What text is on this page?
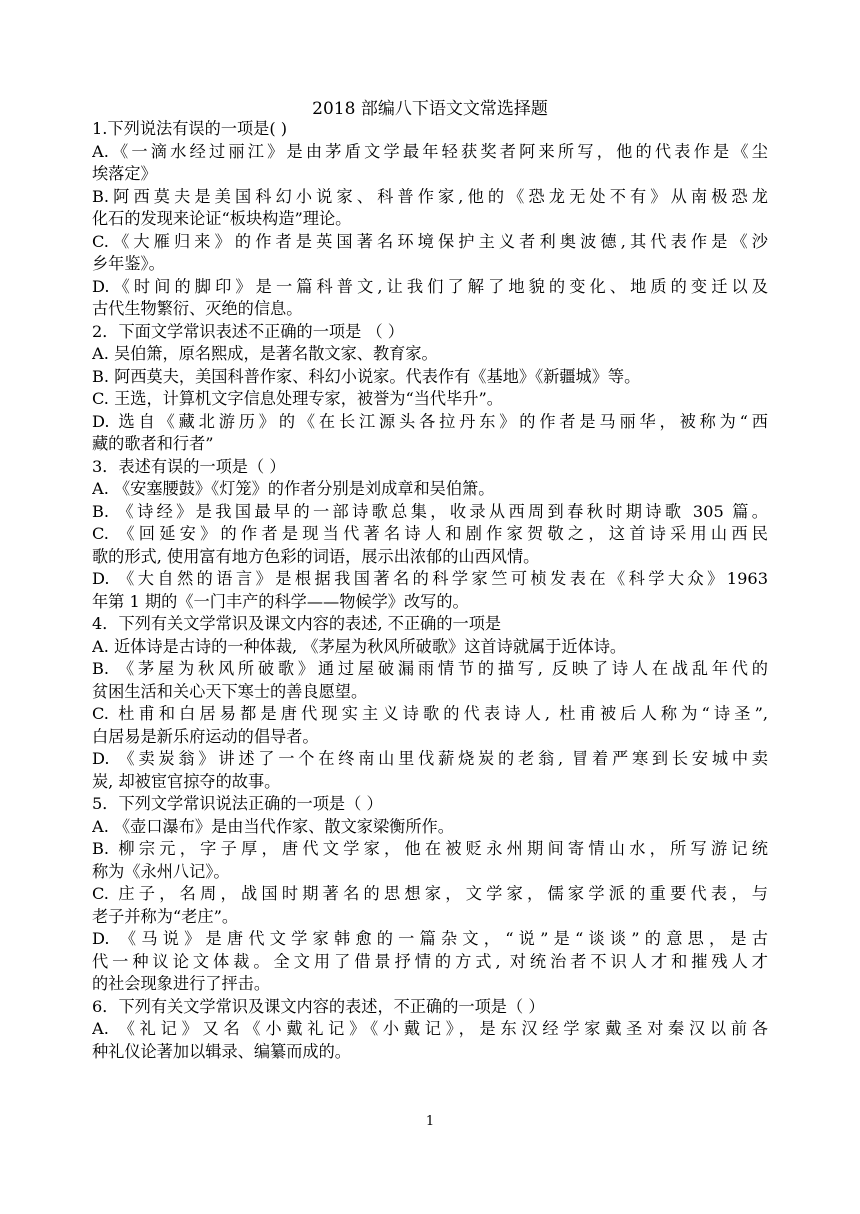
2018 部编八下语文文常选择题
1.下列说法有误的一项是( )
A.《一滴水经过丽江》是由茅盾文学最年轻获奖者阿来所写，他的代表作是《尘
埃落定》
B.阿西莫夫是美国科幻小说家、科普作家,他的《恐龙无处不有》从南极恐龙
化石的发现来论证“板块构造”理论。
C.《大雁归来》的作者是英国著名环境保护主义者利奥波德,其代表作是《沙
乡年鉴》。
D.《时间的脚印》是一篇科普文,让我们了解了地貌的变化、地质的变迁以及
古代生物繁衍、灭绝的信息。
2．下面文学常识表述不正确的一项是 （ ）
A. 吴伯箫，原名熙成，是著名散文家、教育家。
B. 阿西莫夫，美国科普作家、科幻小说家。代表作有《基地》《新疆城》等。
C. 王选，计算机文字信息处理专家，被誉为“当代毕升”。
D. 选自《藏北游历》的《在长江源头各拉丹东》的作者是马丽华，被称为“西
藏的歌者和行者”
3．表述有误的一项是（ ）
A. 《安塞腰鼓》《灯笼》的作者分别是刘成章和吴伯箫。
B. 《诗经》是我国最早的一部诗歌总集，收录从西周到春秋时期诗歌 305 篇。
C. 《回延安》的作者是现当代著名诗人和剧作家贺敬之，这首诗采用山西民
歌的形式, 使用富有地方色彩的词语，展示出浓郁的山西风情。
D. 《大自然的语言》是根据我国著名的科学家竺可桢发表在《科学大众》1963
年第 1 期的《一门丰产的科学——物候学》改写的。
4．下列有关文学常识及课文内容的表述, 不正确的一项是
A. 近体诗是古诗的一种体裁, 《茅屋为秋风所破歌》这首诗就属于近体诗。
B. 《茅屋为秋风所破歌》通过屋破漏雨情节的描写, 反映了诗人在战乱年代的
贫困生活和关心天下寒士的善良愿望。
C. 杜甫和白居易都是唐代现实主义诗歌的代表诗人, 杜甫被后人称为“诗圣”,
白居易是新乐府运动的倡导者。
D. 《卖炭翁》讲述了一个在终南山里伐薪烧炭的老翁, 冒着严寒到长安城中卖
炭, 却被宦官掠夺的故事。
5．下列文学常识说法正确的一项是（ ）
A. 《壶口瀑布》是由当代作家、散文家梁衡所作。
B. 柳宗元，字子厚，唐代文学家，他在被贬永州期间寄情山水，所写游记统
称为《永州八记》。
C. 庄子，名周，战国时期著名的思想家，文学家，儒家学派的重要代表，与
老子并称为“老庄”。
D. 《马说》是唐代文学家韩愈的一篇杂文，“说”是“谈谈”的意思，是古
代一种议论文体裁。全文用了借景抒情的方式, 对统治者不识人才和摧残人才
的社会现象进行了抨击。
6．下列有关文学常识及课文内容的表述，不正确的一项是（ ）
A. 《礼记》又名《小戴礼记》《小戴记》，是东汉经学家戴圣对秦汉以前各
种礼仪论著加以辑录、编纂而成的。
1
